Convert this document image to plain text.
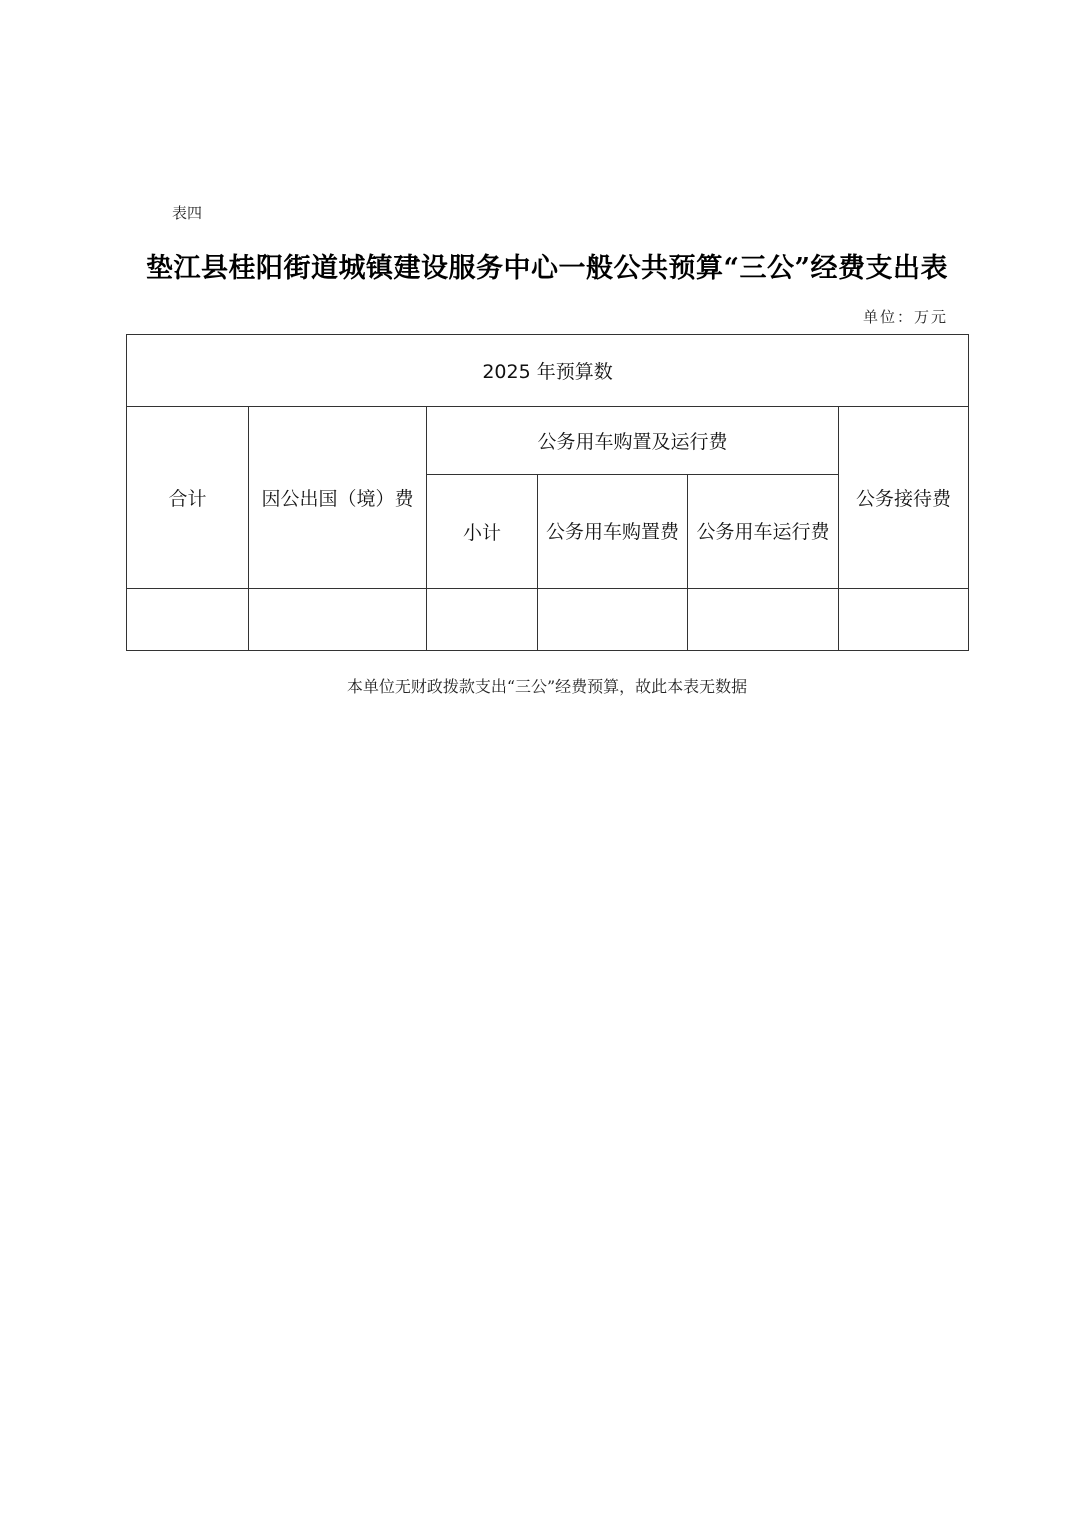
表四
垫江县桂阳街道城镇建设服务中心一般公共预算“三公”经费支出表
单位：万元
2025 年预算数					
合计	因公出国（境）费	公务用车购置及运行费			公务接待费
		小计	公务用车购置费	公务用车运行费	

本单位无财政拨款支出“三公”经费预算，故此本表无数据
